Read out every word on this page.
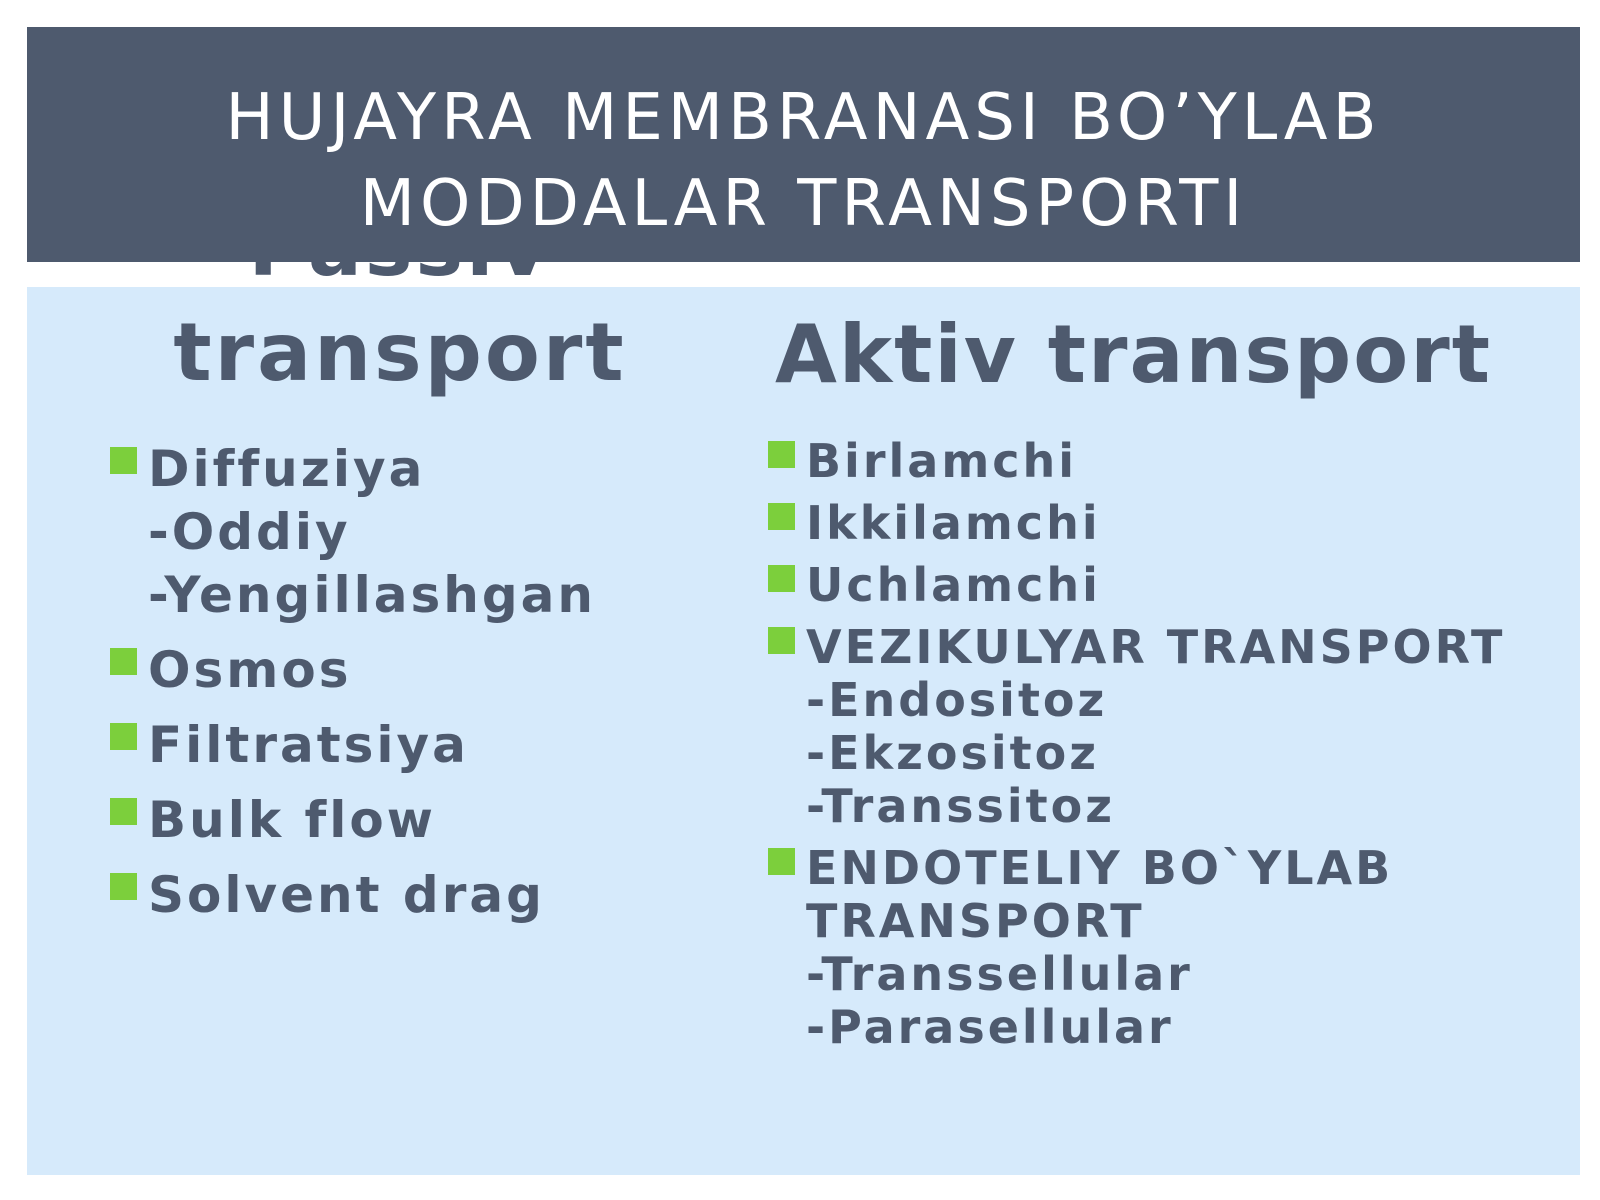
transport
HUJAYRA MEMBRANASI BO’YLAB
MODDALAR TRANSPORTI
Aktiv transport
Diffuziya
-Oddiy
-Yengillashgan
Osmos
Filtratsiya
Bulk flow
Solvent drag
Birlamchi
Ikkilamchi
Uchlamchi
VEZIKULYAR TRANSPORT
-Endositoz
-Ekzositoz
-Transsitoz
ENDOTELIY BO`YLAB TRANSPORT
-Transsellular
-Parasellular
